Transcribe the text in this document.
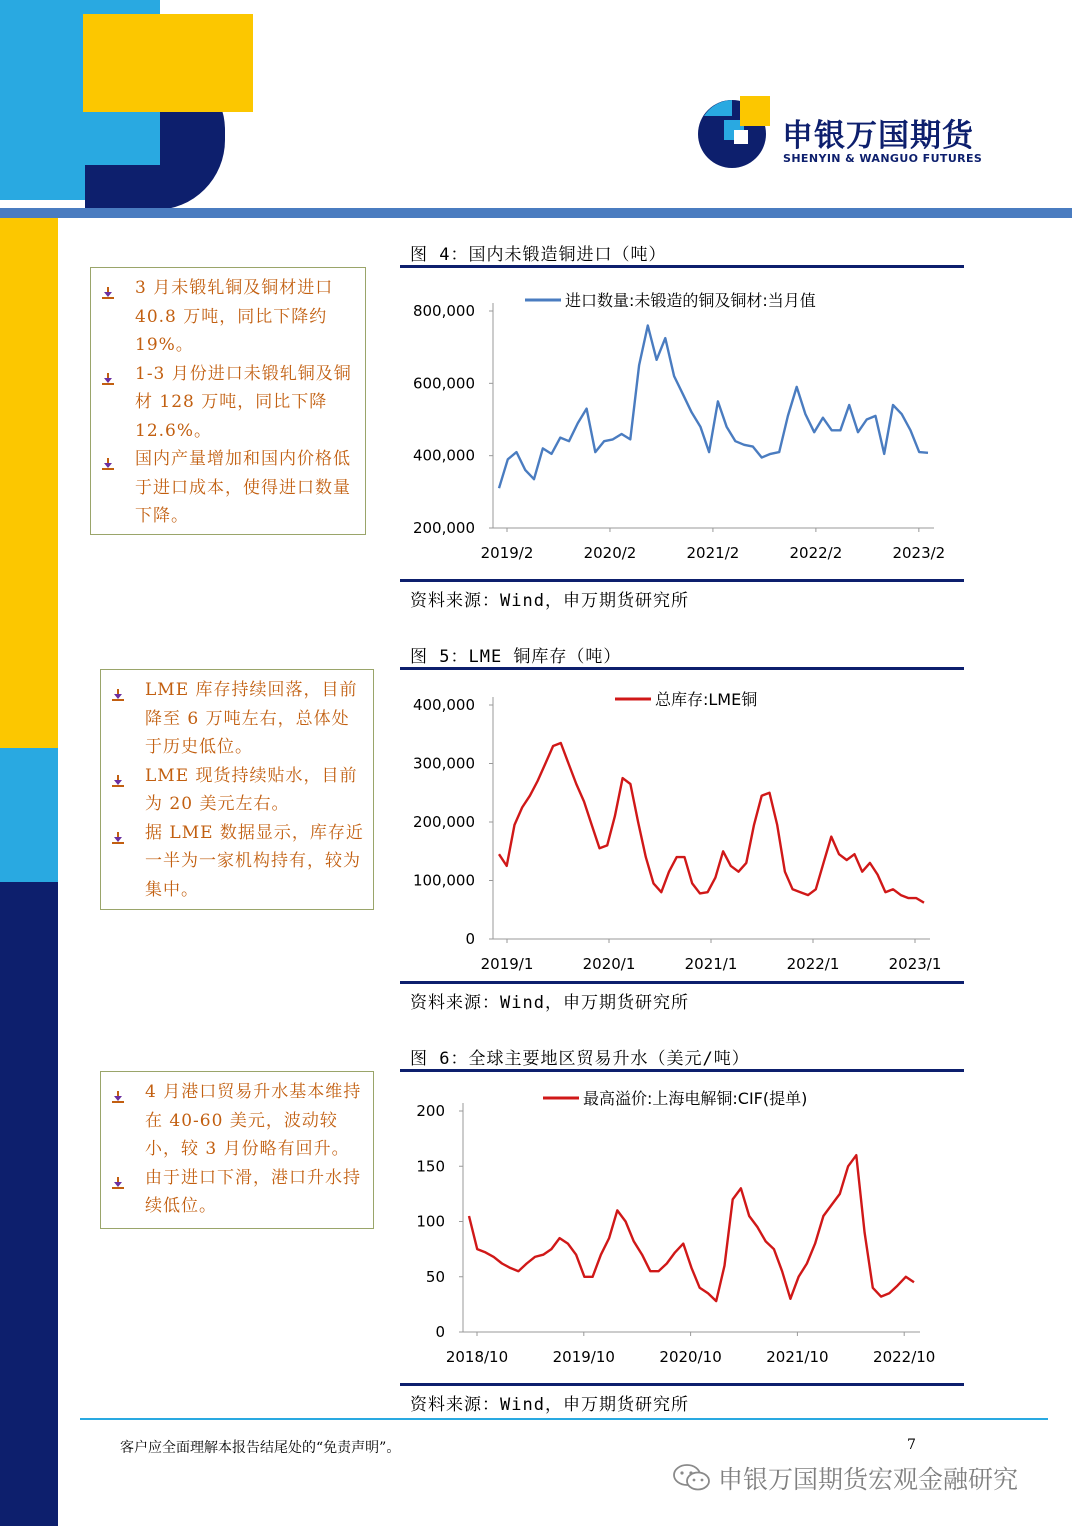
申银万国期货
SHENYIN & WANGUO FUTURES
图 4：国内未锻造铜进口（吨）
3 月未锻轧铜及铜材进口 40.8 万吨，同比下降约 19%。
1-3 月份进口未锻轧铜及铜材 128 万吨，同比下降 12.6%。
国内产量增加和国内价格低于进口成本，使得进口数量下降。
200,000
400,000
600,000
800,000
2019/2	2020/2	2021/2	2022/2	2023/2
进口数量:未锻造的铜及铜材:当月值
资料来源：Wind，申万期货研究所
图 5：LME 铜库存（吨）
LME 库存持续回落，目前降至 6 万吨左右，总体处于历史低位。
LME 现货持续贴水，目前为 20 美元左右。
据 LME 数据显示，库存近一半为一家机构持有，较为集中。
0
100,000
200,000
300,000
400,000
2019/1	2020/1	2021/1	2022/1	2023/1
总库存:LME铜
资料来源：Wind，申万期货研究所
图 6：全球主要地区贸易升水（美元/吨）
4 月港口贸易升水基本维持在 40-60 美元，波动较小，较 3 月份略有回升。
由于进口下滑，港口升水持续低位。
0
50
100
150
200
2018/10	2019/10	2020/10	2021/10	2022/10
最高溢价:上海电解铜:CIF(提单)
资料来源：Wind，申万期货研究所
客户应全面理解本报告结尾处的“免责声明”。	7
申银万国期货宏观金融研究
